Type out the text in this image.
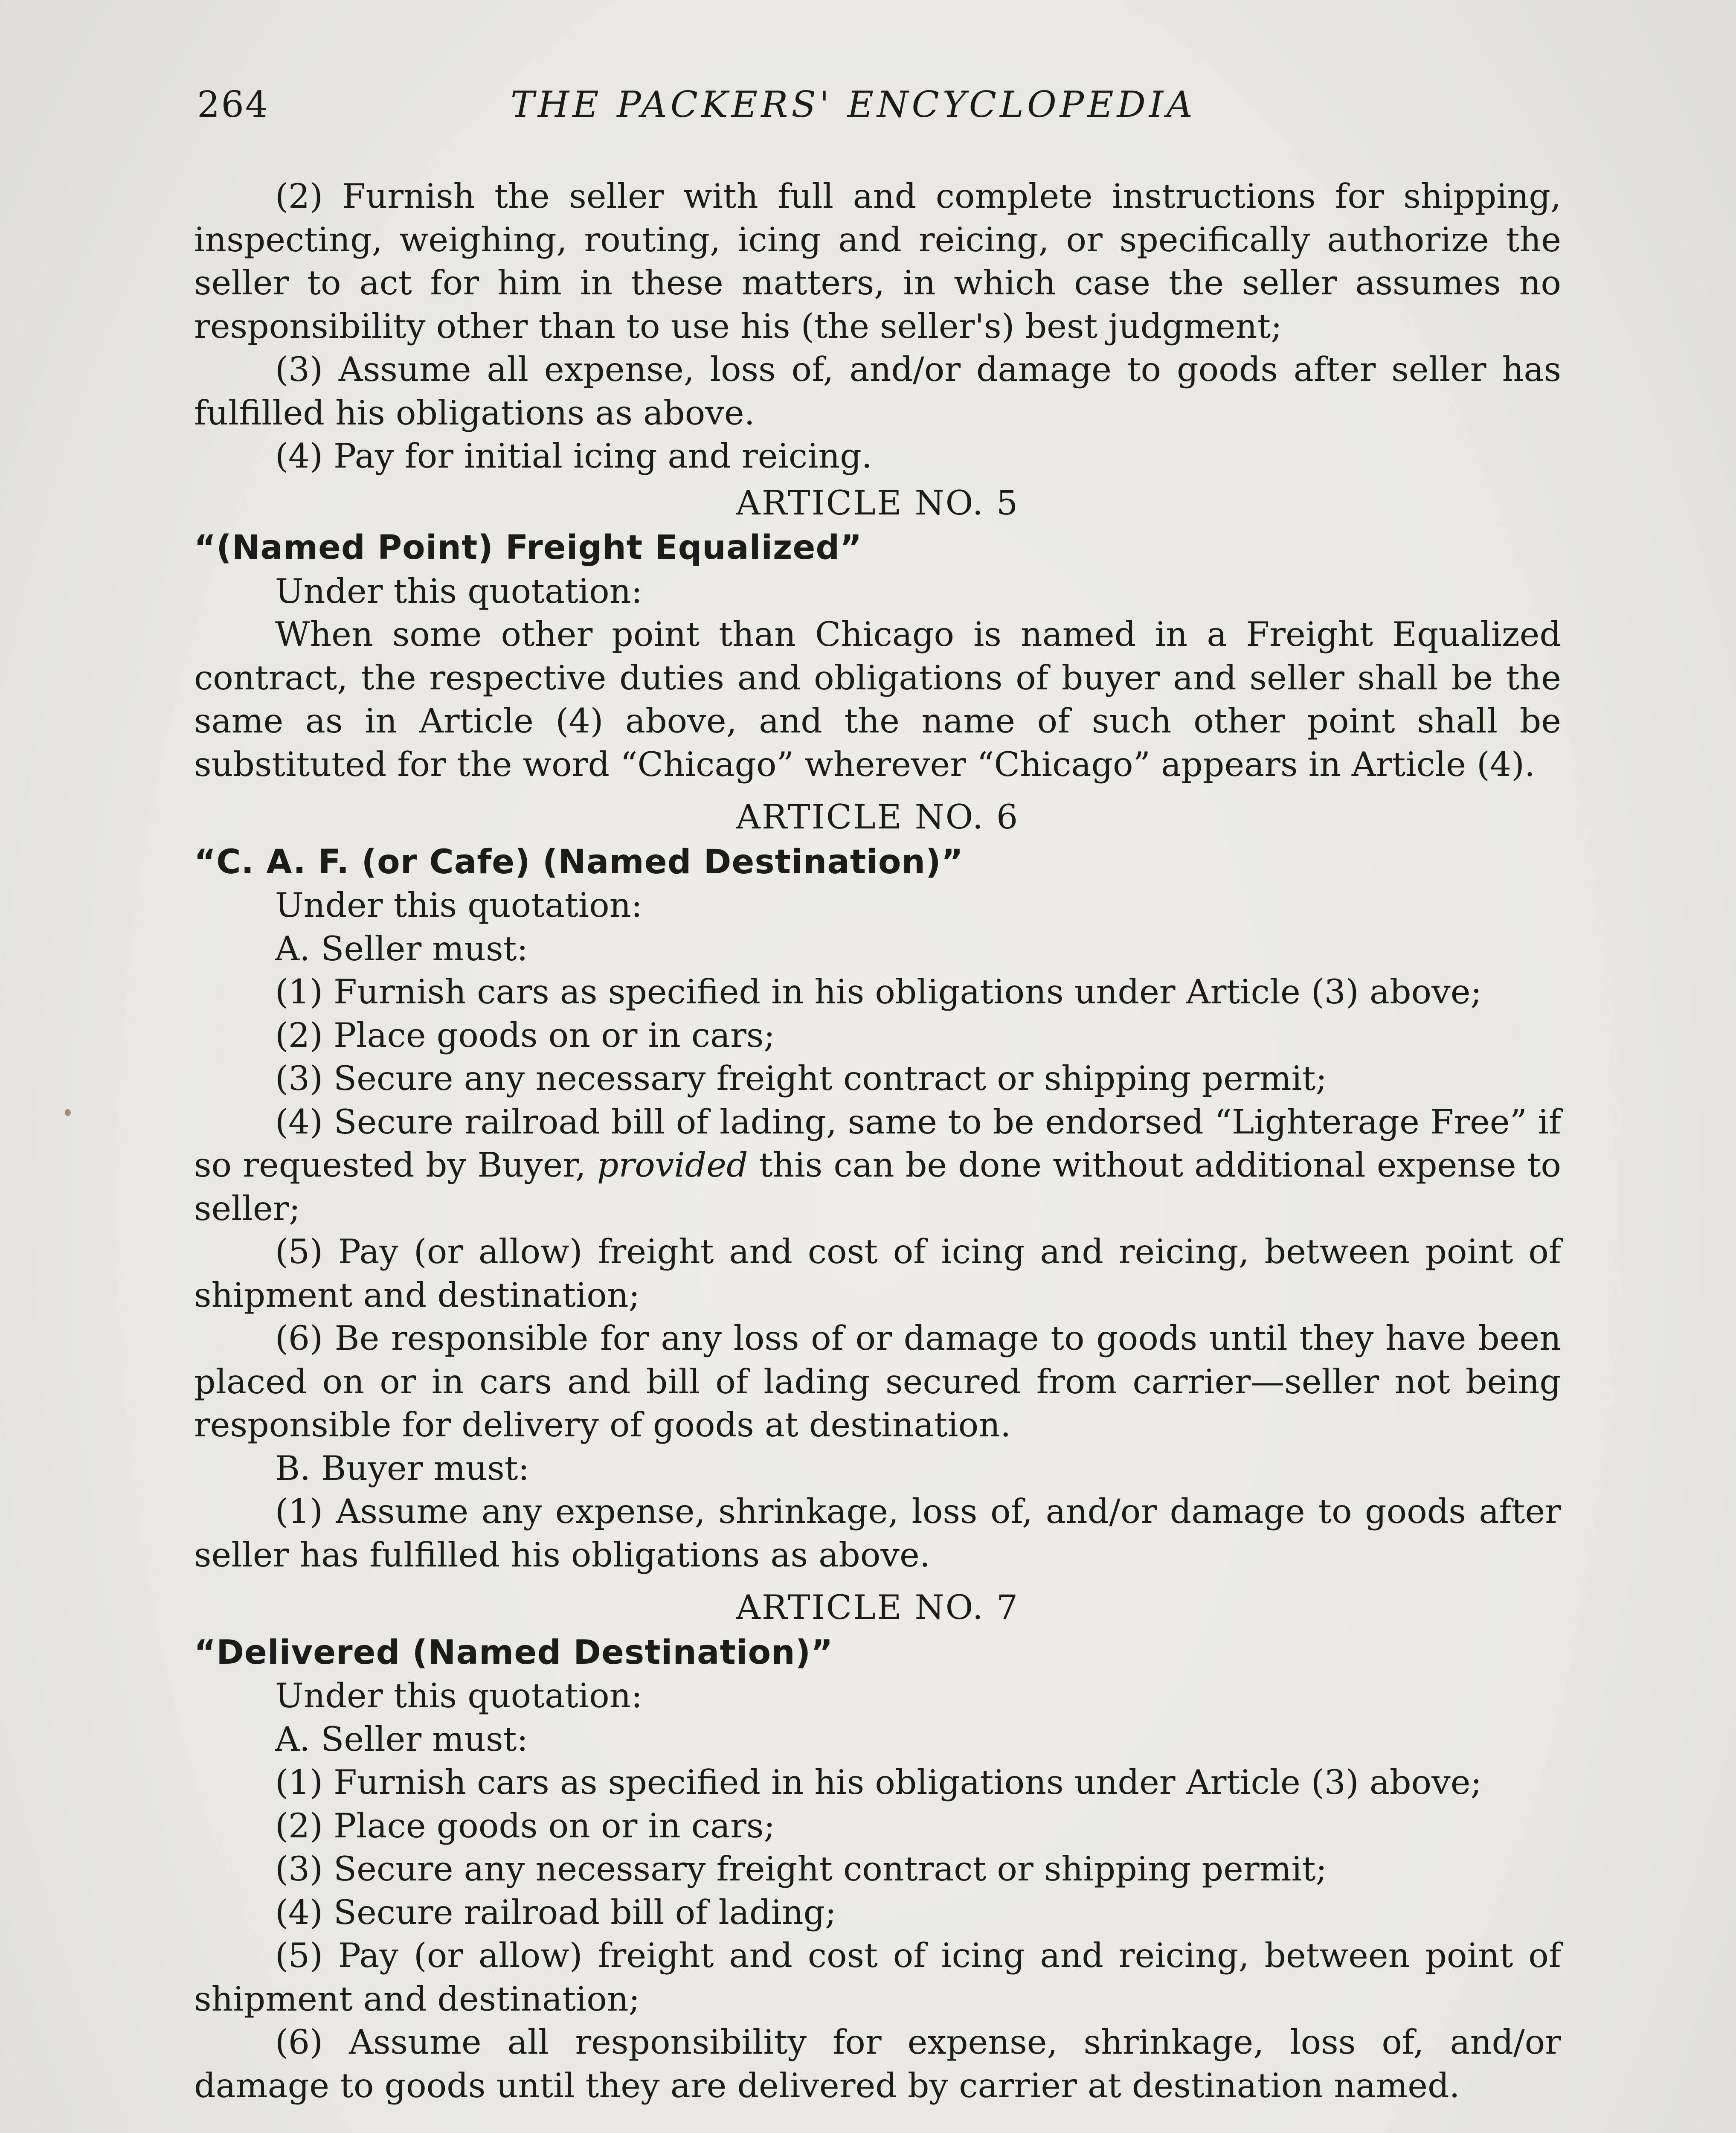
264	THE PACKERS' ENCYCLOPEDIA

(2) Furnish the seller with full and complete instructions for shipping, inspecting, weighing, routing, icing and reicing, or specifically authorize the seller to act for him in these matters, in which case the seller assumes no responsibility other than to use his (the seller's) best judgment;

(3) Assume all expense, loss of, and/or damage to goods after seller has fulfilled his obligations as above.

(4) Pay for initial icing and reicing.

ARTICLE NO. 5

“(Named Point) Freight Equalized”

Under this quotation:

When some other point than Chicago is named in a Freight Equalized contract, the respective duties and obligations of buyer and seller shall be the same as in Article (4) above, and the name of such other point shall be substituted for the word “Chicago” wherever “Chicago” appears in Article (4).

ARTICLE NO. 6

“C. A. F. (or Cafe) (Named Destination)”

Under this quotation:

A. Seller must:

(1) Furnish cars as specified in his obligations under Article (3) above;

(2) Place goods on or in cars;

(3) Secure any necessary freight contract or shipping permit;

(4) Secure railroad bill of lading, same to be endorsed “Lighterage Free” if so requested by Buyer, provided this can be done without additional expense to seller;

(5) Pay (or allow) freight and cost of icing and reicing, between point of shipment and destination;

(6) Be responsible for any loss of or damage to goods until they have been placed on or in cars and bill of lading secured from carrier—seller not being responsible for delivery of goods at destination.

B. Buyer must:

(1) Assume any expense, shrinkage, loss of, and/or damage to goods after seller has fulfilled his obligations as above.

ARTICLE NO. 7

“Delivered (Named Destination)”

Under this quotation:

A. Seller must:

(1) Furnish cars as specified in his obligations under Article (3) above;

(2) Place goods on or in cars;

(3) Secure any necessary freight contract or shipping permit;

(4) Secure railroad bill of lading;

(5) Pay (or allow) freight and cost of icing and reicing, between point of shipment and destination;

(6) Assume all responsibility for expense, shrinkage, loss of, and/or damage to goods until they are delivered by carrier at destination named.
